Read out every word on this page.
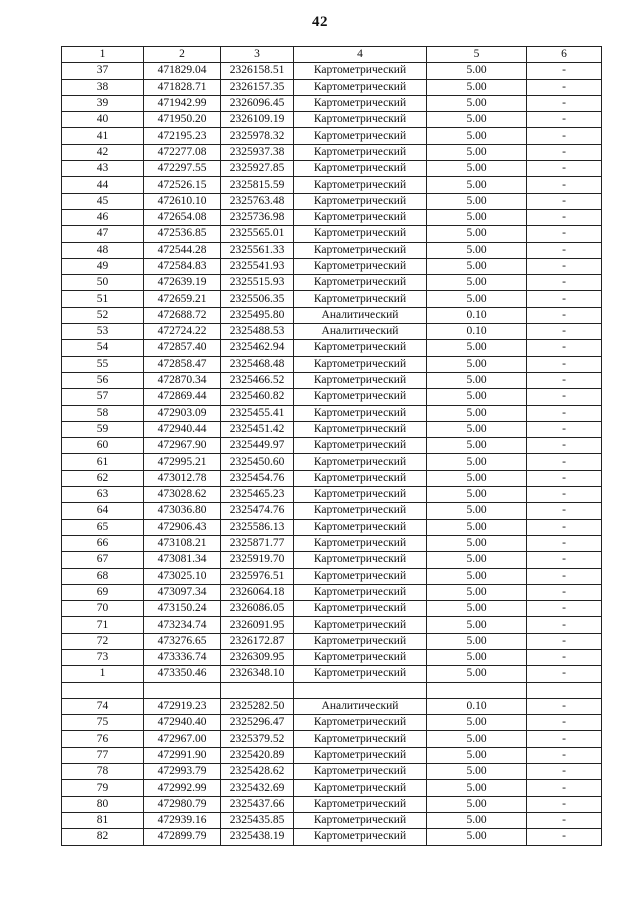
42
1	2	3	4	5	6
37	471829.04	2326158.51	Картометрический	5.00	-
38	471828.71	2326157.35	Картометрический	5.00	-
39	471942.99	2326096.45	Картометрический	5.00	-
40	471950.20	2326109.19	Картометрический	5.00	-
41	472195.23	2325978.32	Картометрический	5.00	-
42	472277.08	2325937.38	Картометрический	5.00	-
43	472297.55	2325927.85	Картометрический	5.00	-
44	472526.15	2325815.59	Картометрический	5.00	-
45	472610.10	2325763.48	Картометрический	5.00	-
46	472654.08	2325736.98	Картометрический	5.00	-
47	472536.85	2325565.01	Картометрический	5.00	-
48	472544.28	2325561.33	Картометрический	5.00	-
49	472584.83	2325541.93	Картометрический	5.00	-
50	472639.19	2325515.93	Картометрический	5.00	-
51	472659.21	2325506.35	Картометрический	5.00	-
52	472688.72	2325495.80	Аналитический	0.10	-
53	472724.22	2325488.53	Аналитический	0.10	-
54	472857.40	2325462.94	Картометрический	5.00	-
55	472858.47	2325468.48	Картометрический	5.00	-
56	472870.34	2325466.52	Картометрический	5.00	-
57	472869.44	2325460.82	Картометрический	5.00	-
58	472903.09	2325455.41	Картометрический	5.00	-
59	472940.44	2325451.42	Картометрический	5.00	-
60	472967.90	2325449.97	Картометрический	5.00	-
61	472995.21	2325450.60	Картометрический	5.00	-
62	473012.78	2325454.76	Картометрический	5.00	-
63	473028.62	2325465.23	Картометрический	5.00	-
64	473036.80	2325474.76	Картометрический	5.00	-
65	472906.43	2325586.13	Картометрический	5.00	-
66	473108.21	2325871.77	Картометрический	5.00	-
67	473081.34	2325919.70	Картометрический	5.00	-
68	473025.10	2325976.51	Картометрический	5.00	-
69	473097.34	2326064.18	Картометрический	5.00	-
70	473150.24	2326086.05	Картометрический	5.00	-
71	473234.74	2326091.95	Картометрический	5.00	-
72	473276.65	2326172.87	Картометрический	5.00	-
73	473336.74	2326309.95	Картометрический	5.00	-
1	473350.46	2326348.10	Картометрический	5.00	-

74	472919.23	2325282.50	Аналитический	0.10	-
75	472940.40	2325296.47	Картометрический	5.00	-
76	472967.00	2325379.52	Картометрический	5.00	-
77	472991.90	2325420.89	Картометрический	5.00	-
78	472993.79	2325428.62	Картометрический	5.00	-
79	472992.99	2325432.69	Картометрический	5.00	-
80	472980.79	2325437.66	Картометрический	5.00	-
81	472939.16	2325435.85	Картометрический	5.00	-
82	472899.79	2325438.19	Картометрический	5.00	-
